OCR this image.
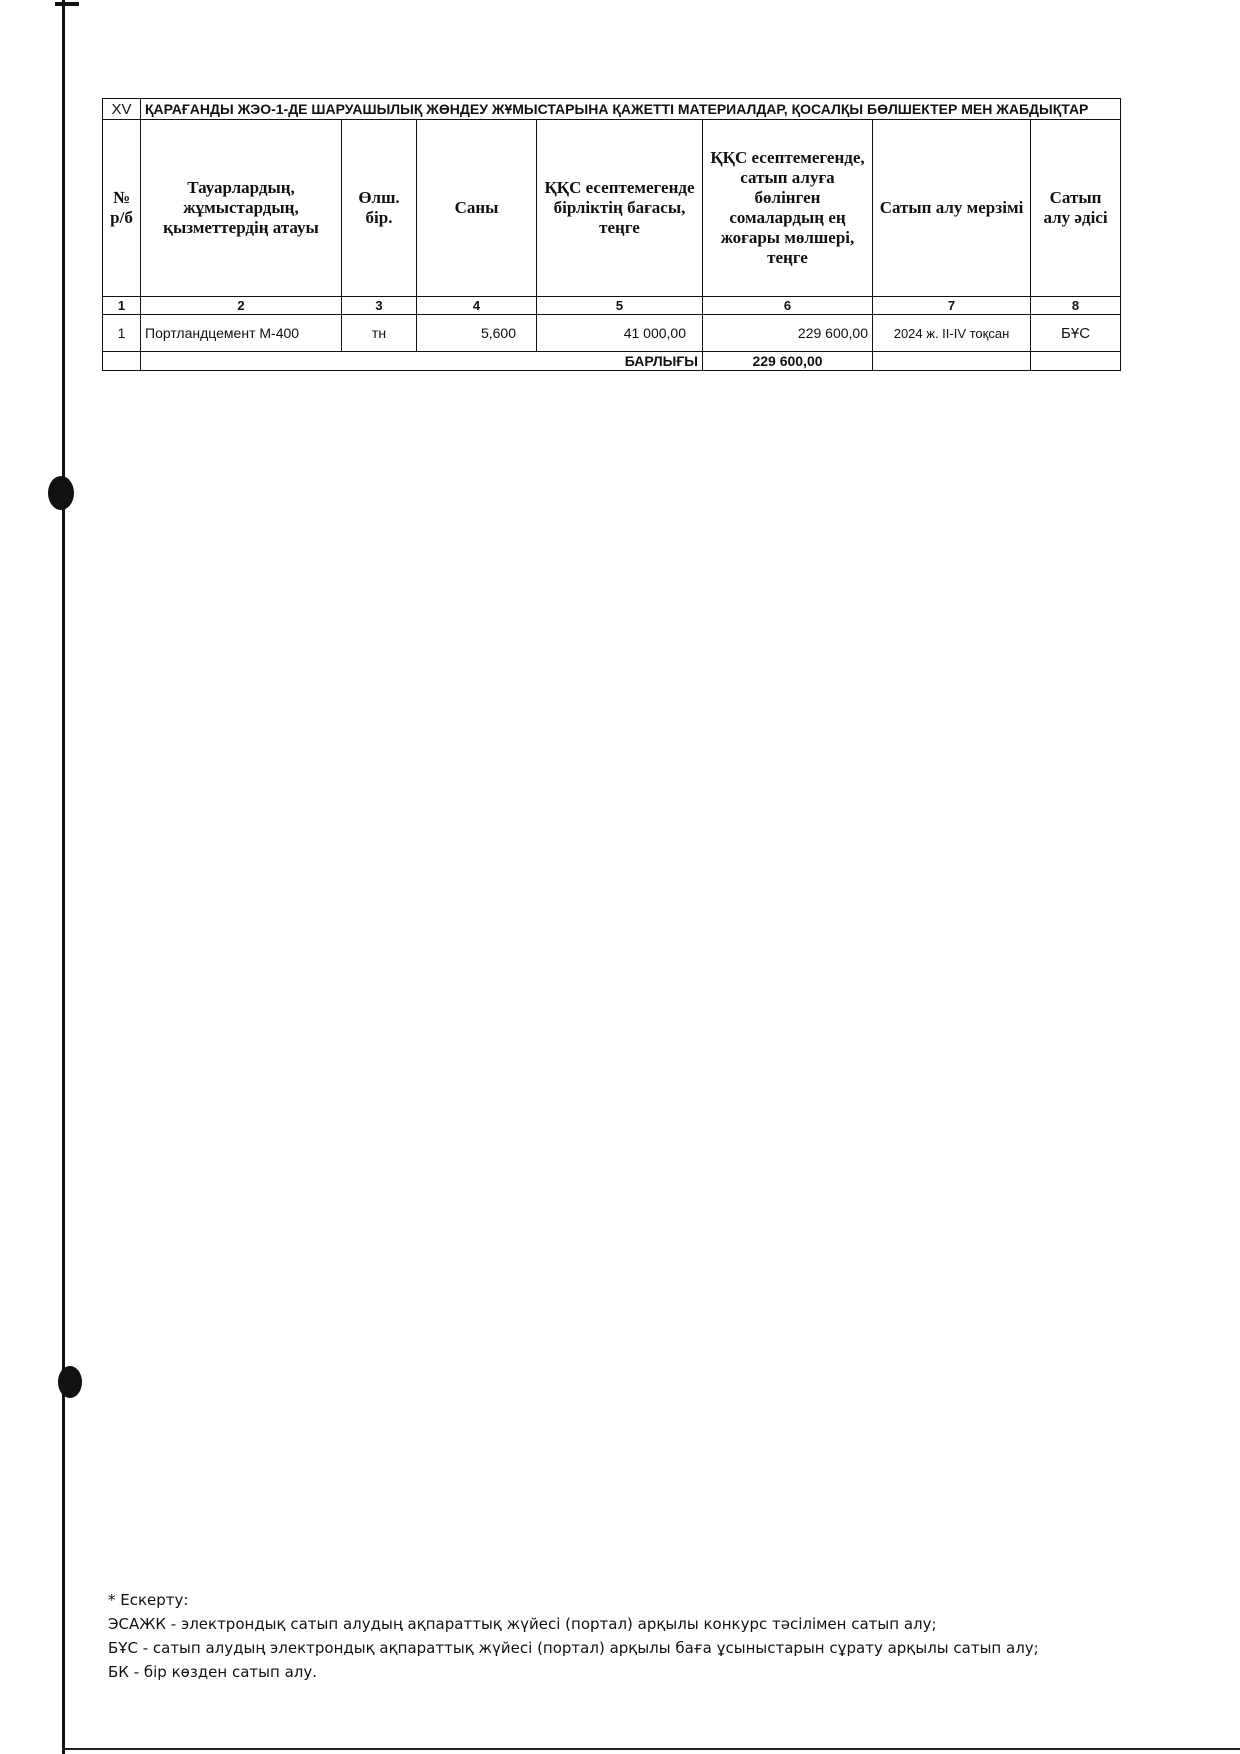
XV	ҚАРАҒАНДЫ ЖЭО-1-ДЕ ШАРУАШЫЛЫҚ ЖӨНДЕУ ЖҰМЫСТАРЫНА ҚАЖЕТТІ МАТЕРИАЛДАР, ҚОСАЛҚЫ БӨЛШЕКТЕР МЕН ЖАБДЫҚТАР						
№ р/б	Тауарлардың, жұмыстардың, қызметтердің атауы	Өлш. бір.	Саны	ҚҚС есептемегенде бірліктің бағасы, теңге	ҚҚС есептемегенде, сатып алуға бөлінген сомалардың ең жоғары мөлшері, теңге	Сатып алу мерзімі	Сатып алу әдісі
1	2	3	4	5	6	7	8
1	Портландцемент М-400	тн	5,600	41 000,00	229 600,00	2024 ж. II-IV тоқсан	БҰС
	БАРЛЫҒЫ				229 600,00		
* Ескерту:
ЭСАЖК - электрондық сатып алудың ақпараттық жүйесі (портал) арқылы конкурс тәсілімен сатып алу;
БҰС - сатып алудың электрондық ақпараттық жүйесі (портал) арқылы баға ұсыныстарын сұрату арқылы сатып алу;
БК - бір көзден сатып алу.
